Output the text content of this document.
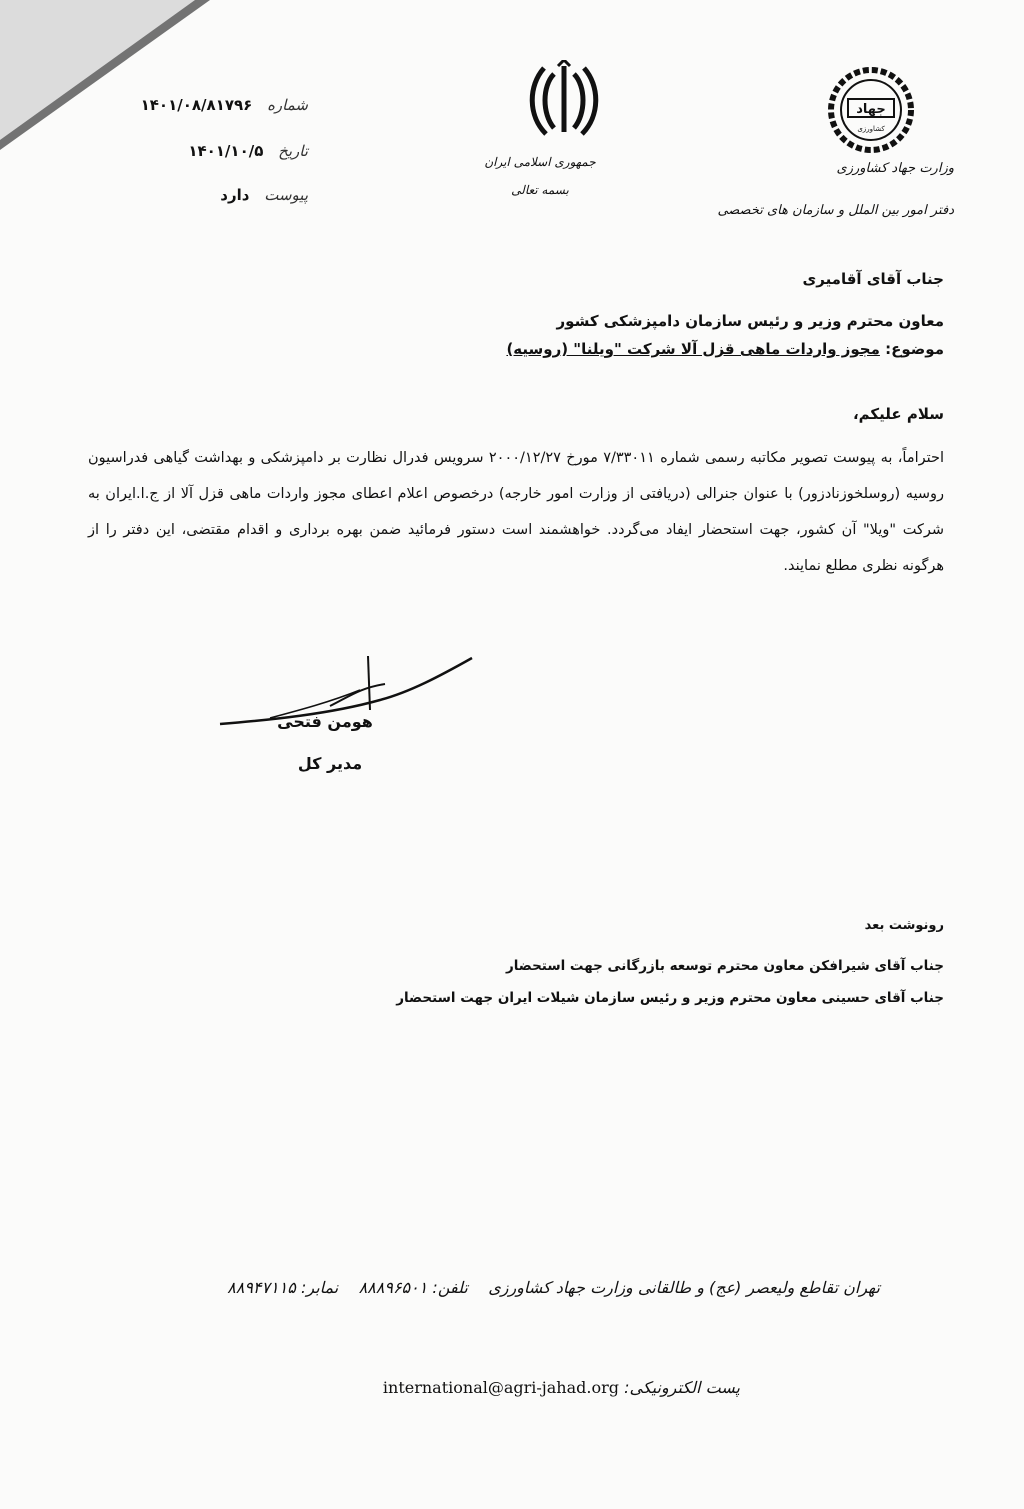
شماره ۱۴۰۱/۰۸/۸۱۷۹۶
تاریخ ۱۴۰۱/۱۰/۵
پیوست دارد
جمهوری اسلامی ایران
بسمه تعالی
جهاد
کشاورزی
وزارت جهاد کشاورزی
دفتر امور بین الملل و سازمان های تخصصی
جناب آقای آقامیری
معاون محترم وزیر و رئیس سازمان دامپزشکی کشور
موضوع: مجوز واردات ماهی قزل آلا شرکت "ویلنا" (روسیه)
سلام علیکم،
احتراماً، به پیوست تصویر مکاتبه رسمی شماره ۷/۳۳۰۱۱ مورخ ۲۰۰۰/۱۲/۲۷ سرویس فدرال نظارت بر دامپزشکی و بهداشت گیاهی فدراسیون روسیه (روسلخوزنادزور) با عنوان جنرالی (دریافتی از وزارت امور خارجه) درخصوص اعلام اعطای مجوز واردات ماهی قزل آلا از ج.ا.ایران به شرکت "ویلا" آن کشور، جهت استحضار ایفاد می‌گردد. خواهشمند است دستور فرمائید ضمن بهره برداری و اقدام مقتضی، این دفتر را از هرگونه نظری مطلع نمایند.
هومن فتحی
مدیر کل
رونوشت بعد
جناب آقای شیرافکن معاون محترم توسعه بازرگانی جهت استحضار
جناب آقای حسینی معاون محترم وزیر و رئیس سازمان شیلات ایران جهت استحضار
تهران تقاطع ولیعصر (عج) و طالقانی وزارت جهاد کشاورزی    تلفن: ۸۸۸۹۶۵۰۱    نمابر: ۸۸۹۴۷۱۱۵
پست الکترونیکی: international@agri-jahad.org
